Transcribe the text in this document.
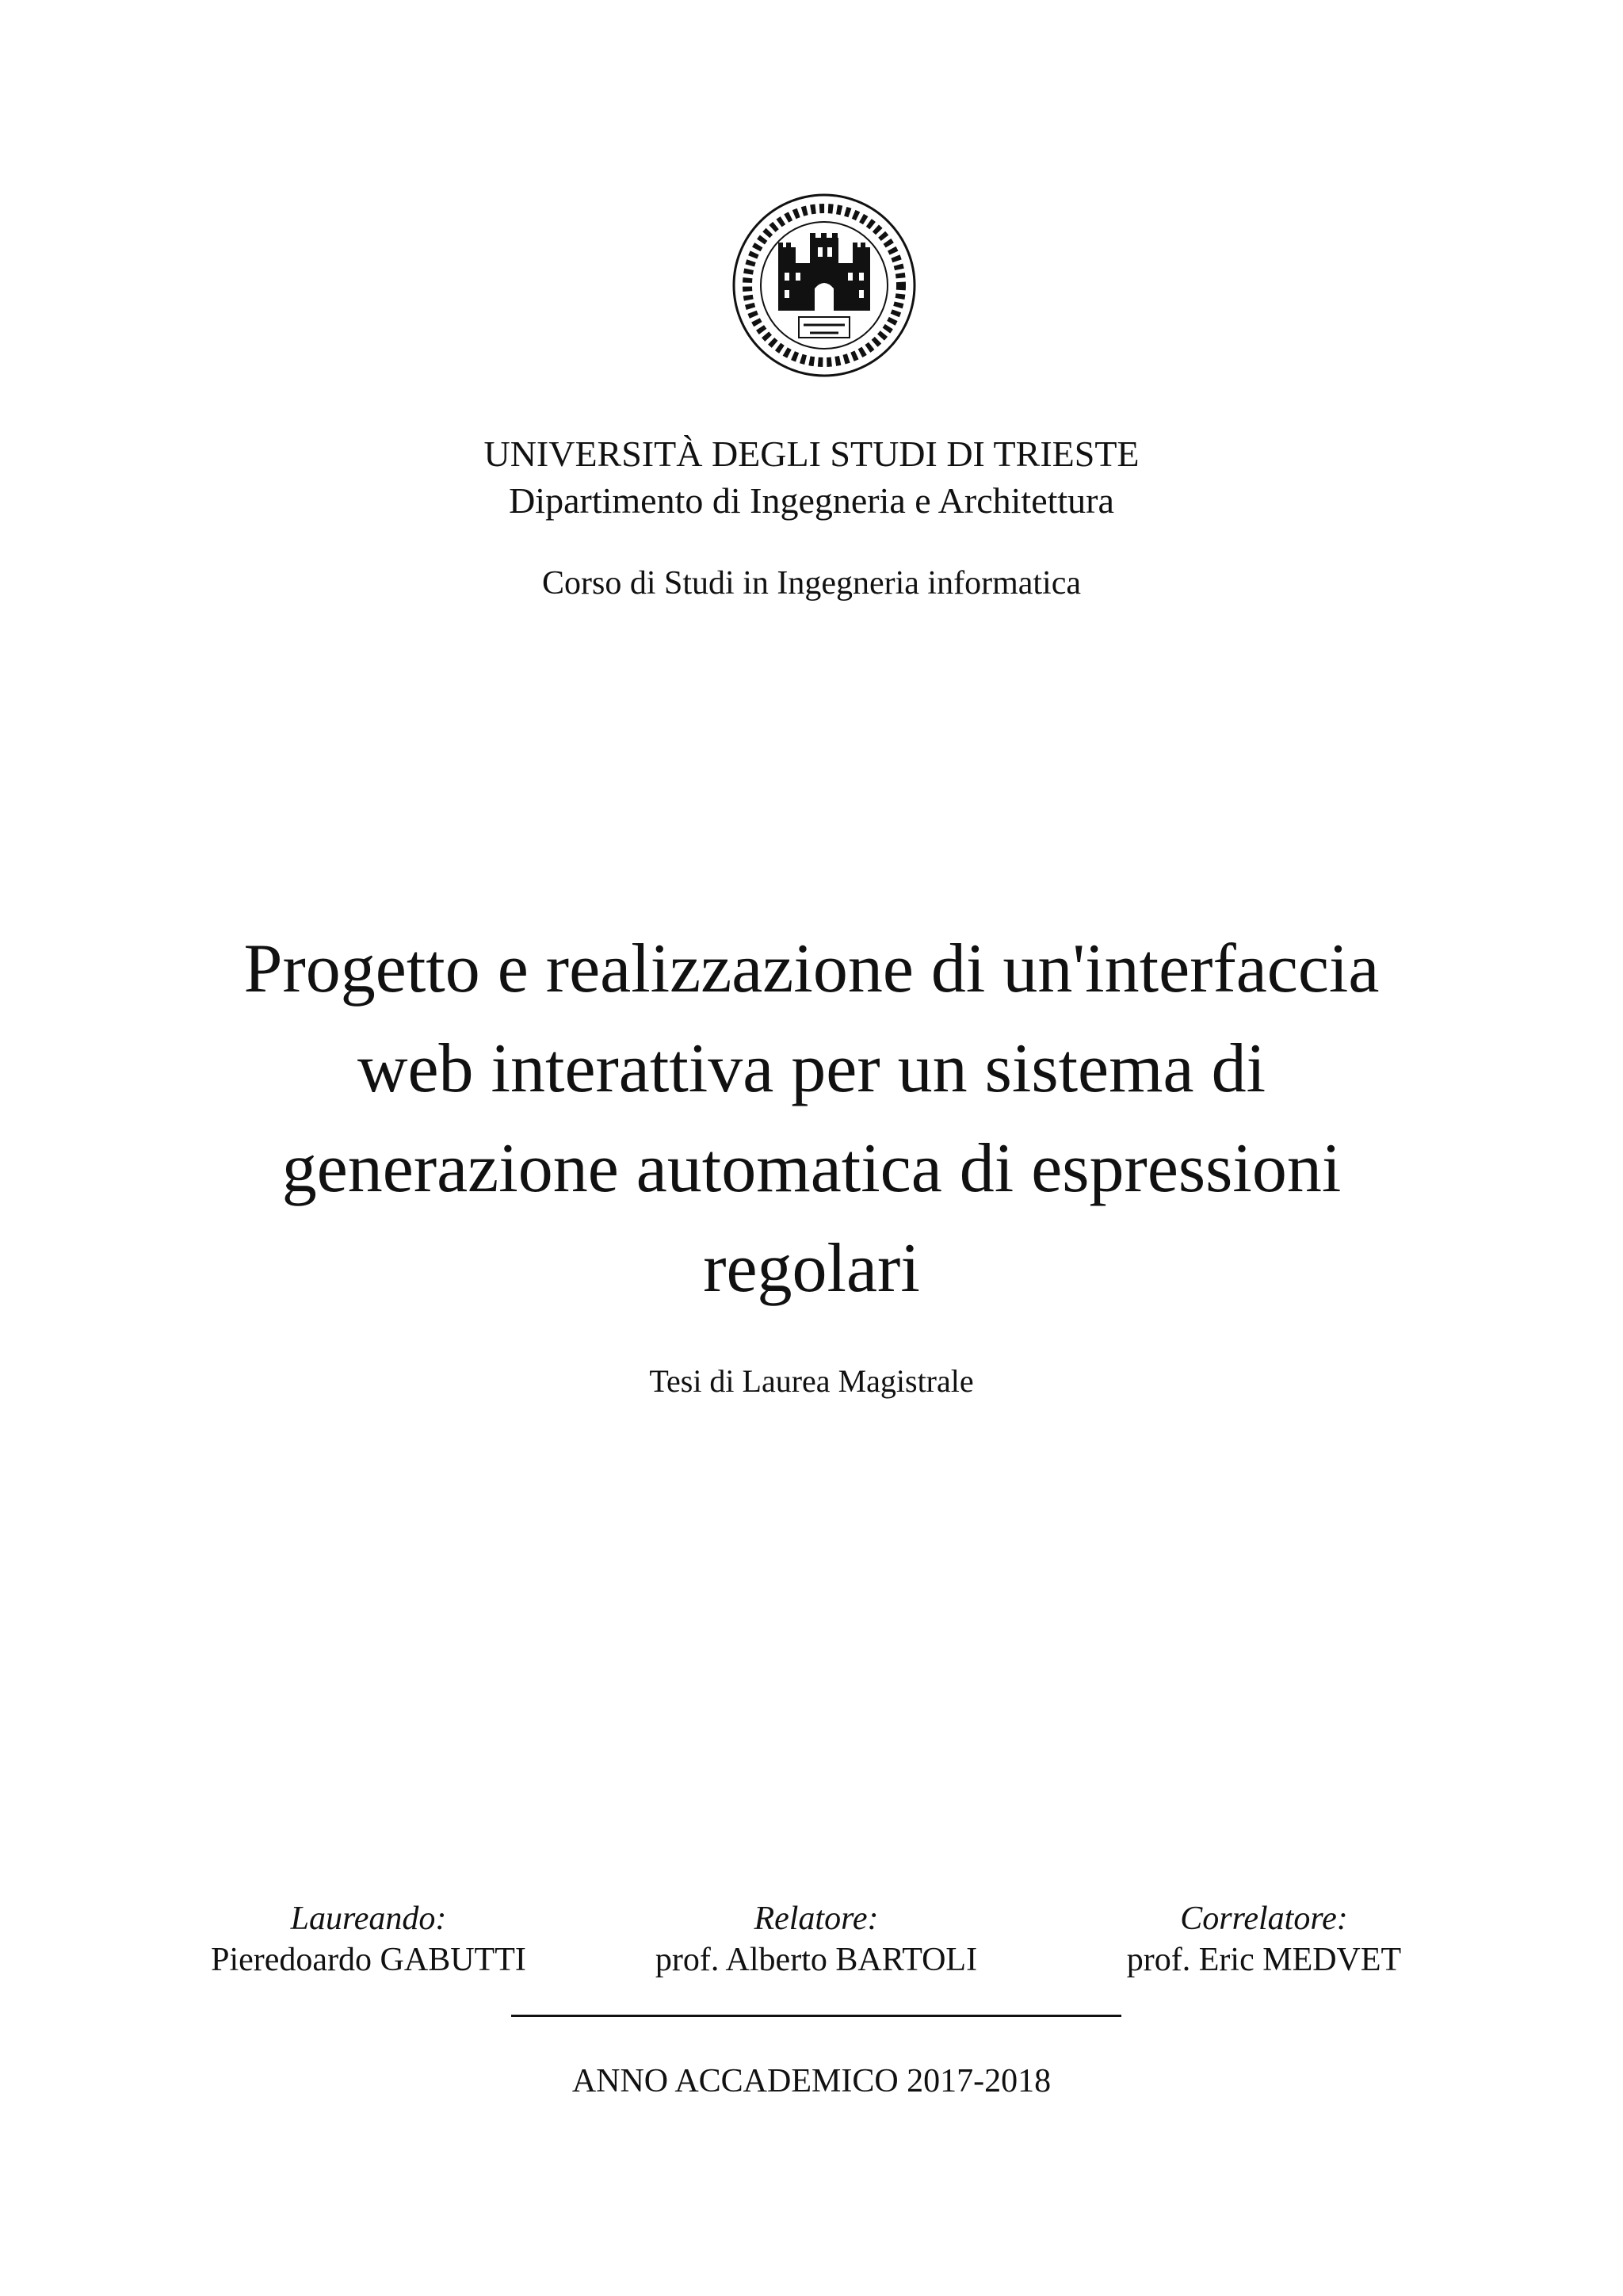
UNIVERSITÀ DEGLI STUDI DI TRIESTE
Dipartimento di Ingegneria e Architettura
Corso di Studi in Ingegneria informatica
Progetto e realizzazione di un'interfaccia
web interattiva per un sistema di
generazione automatica di espressioni
regolari
Tesi di Laurea Magistrale
Laureando:
Pieredoardo GABUTTI
Relatore:
prof. Alberto BARTOLI
Correlatore:
prof. Eric MEDVET
ANNO ACCADEMICO 2017-2018
